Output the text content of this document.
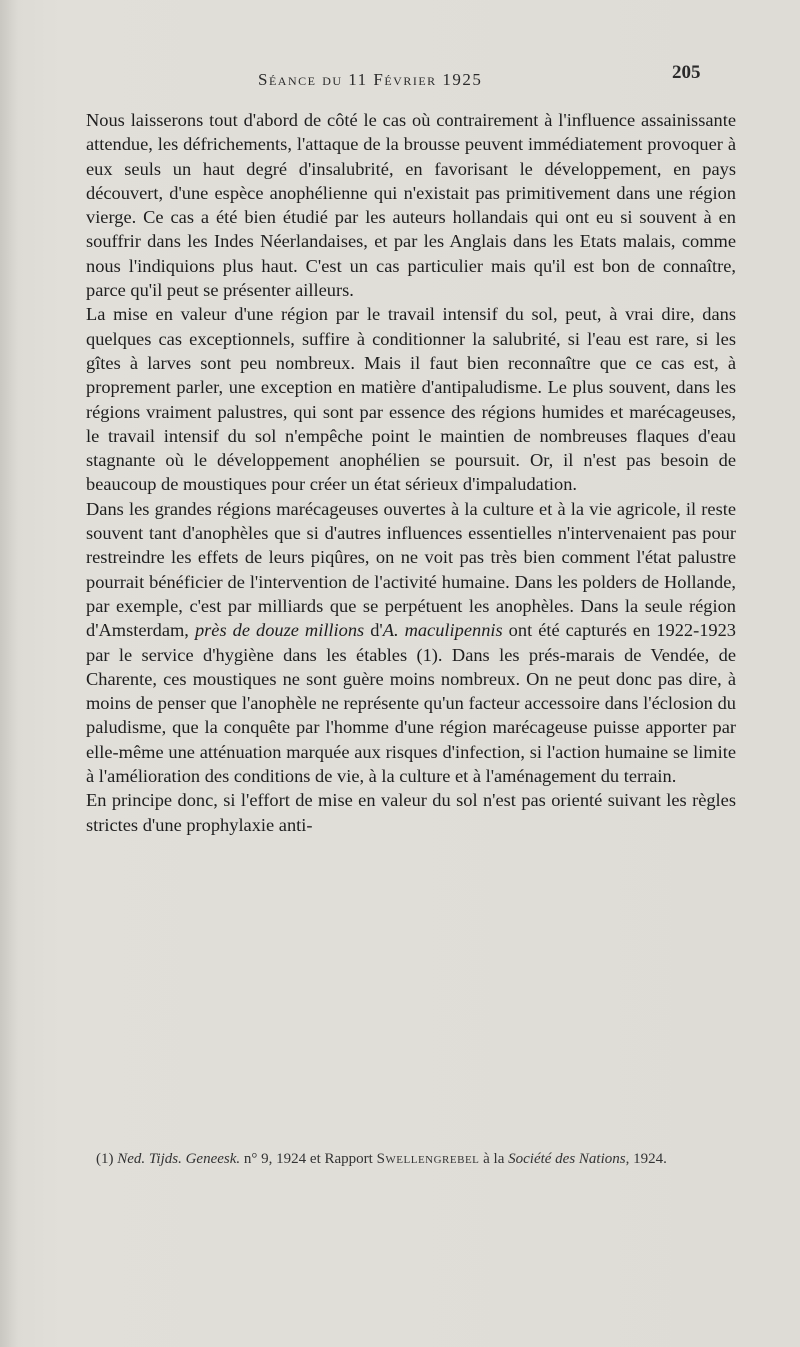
Séance du 11 Février 1925	205

Nous laisserons tout d'abord de côté le cas où contrairement à l'influence assainissante attendue, les défrichements, l'attaque de la brousse peuvent immédiatement provoquer à eux seuls un haut degré d'insalubrité, en favorisant le développement, en pays découvert, d'une espèce anophélienne qui n'existait pas primitivement dans une région vierge. Ce cas a été bien étudié par les auteurs hollandais qui ont eu si souvent à en souffrir dans les Indes Néerlandaises, et par les Anglais dans les Etats malais, comme nous l'indiquions plus haut. C'est un cas particulier mais qu'il est bon de connaître, parce qu'il peut se présenter ailleurs.

La mise en valeur d'une région par le travail intensif du sol, peut, à vrai dire, dans quelques cas exceptionnels, suffire à conditionner la salubrité, si l'eau est rare, si les gîtes à larves sont peu nombreux. Mais il faut bien reconnaître que ce cas est, à proprement parler, une exception en matière d'antipaludisme. Le plus souvent, dans les régions vraiment palustres, qui sont par essence des régions humides et marécageuses, le travail intensif du sol n'empêche point le maintien de nombreuses flaques d'eau stagnante où le développement anophélien se poursuit. Or, il n'est pas besoin de beaucoup de moustiques pour créer un état sérieux d'impaludation.

Dans les grandes régions marécageuses ouvertes à la culture et à la vie agricole, il reste souvent tant d'anophèles que si d'autres influences essentielles n'intervenaient pas pour restreindre les effets de leurs piqûres, on ne voit pas très bien comment l'état palustre pourrait bénéficier de l'intervention de l'activité humaine. Dans les polders de Hollande, par exemple, c'est par milliards que se perpétuent les anophèles. Dans la seule région d'Amsterdam, près de douze millions d'A. maculipennis ont été capturés en 1922-1923 par le service d'hygiène dans les étables (1). Dans les prés-marais de Vendée, de Charente, ces moustiques ne sont guère moins nombreux. On ne peut donc pas dire, à moins de penser que l'anophèle ne représente qu'un facteur accessoire dans l'éclosion du paludisme, que la conquête par l'homme d'une région marécageuse puisse apporter par elle-même une atténuation marquée aux risques d'infection, si l'action humaine se limite à l'amélioration des conditions de vie, à la culture et à l'aménagement du terrain.

En principe donc, si l'effort de mise en valeur du sol n'est pas orienté suivant les règles strictes d'une prophylaxie anti-

(1) Ned. Tijds. Geneesk. n° 9, 1924 et Rapport Swellengrebel à la Société des Nations, 1924.
